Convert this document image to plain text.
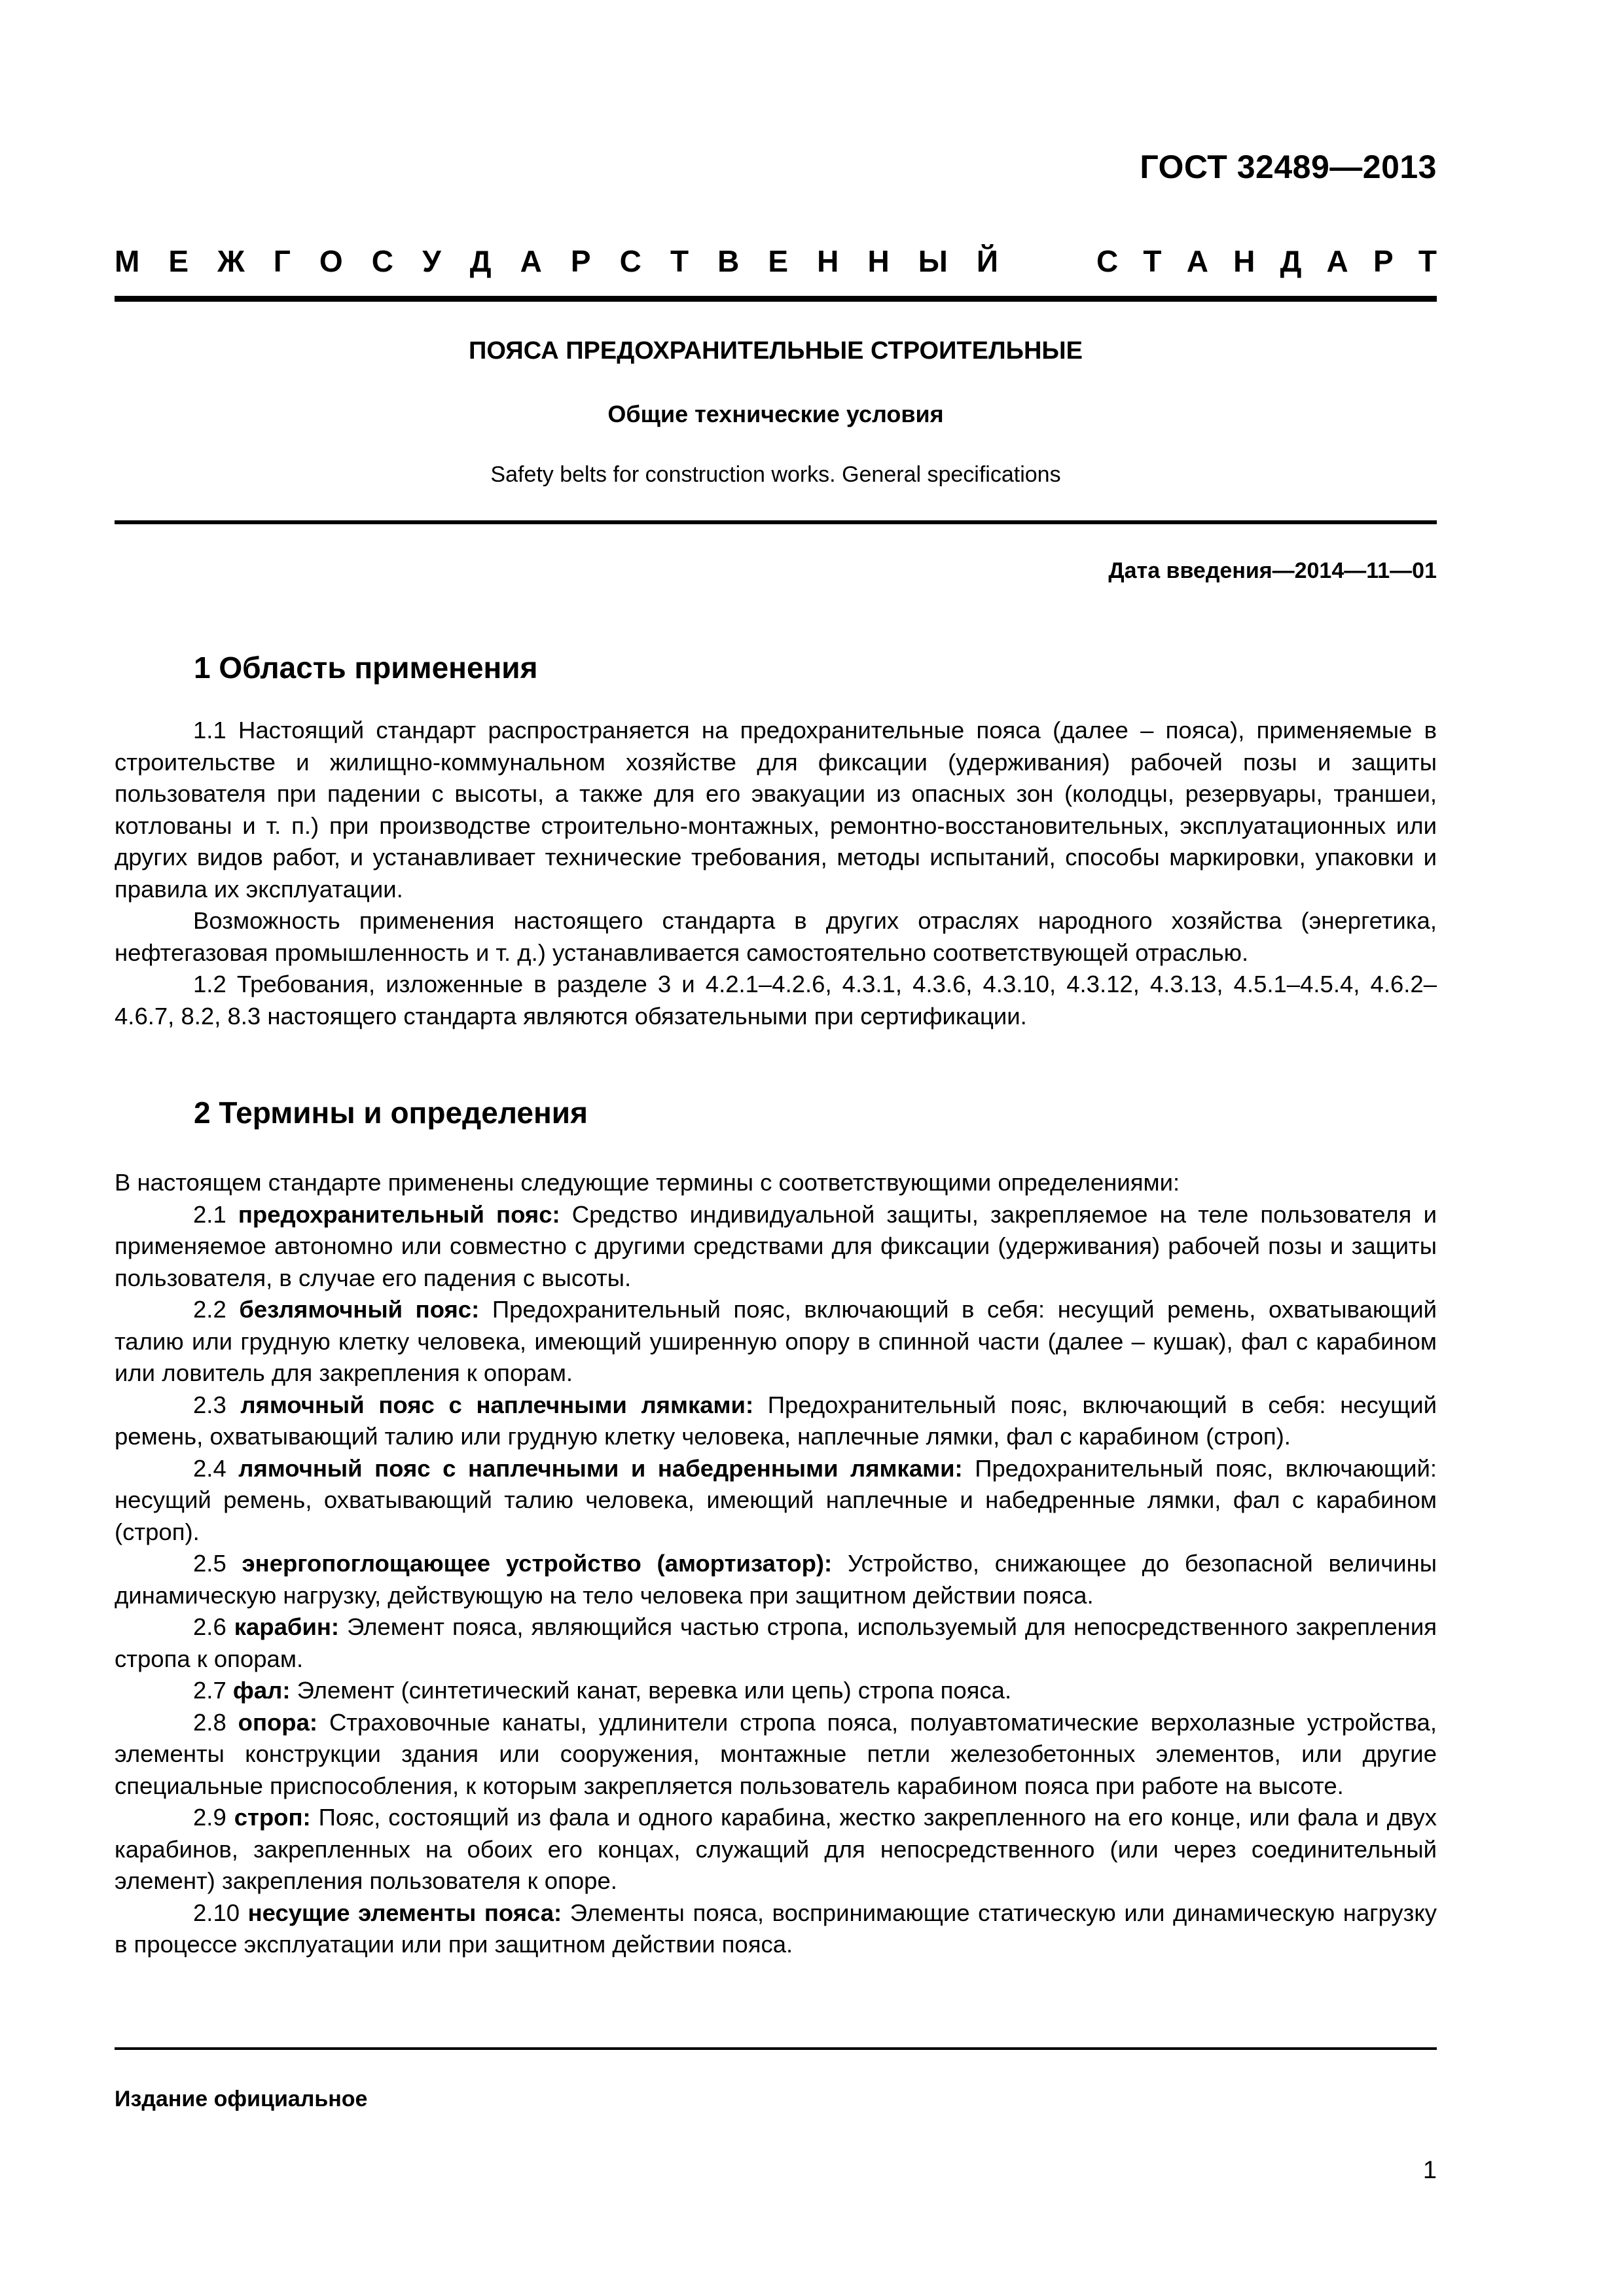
ГОСТ 32489—2013
М Е Ж Г О С У Д А Р С Т В Е Н Н Ы Й	С Т А Н Д А Р Т
ПОЯСА ПРЕДОХРАНИТЕЛЬНЫЕ СТРОИТЕЛЬНЫЕ
Общие технические условия
Safety belts for construction works. General specifications
Дата введения—2014—11—01
1 Область применения

1.1 Настоящий стандарт распространяется на предохранительные пояса (далее – пояса), применяемые в строительстве и жилищно-коммунальном хозяйстве для фиксации (удерживания) рабочей позы и защиты пользователя при падении с высоты, а также для его эвакуации из опасных зон (колодцы, резервуары, траншеи, котлованы и т. п.) при производстве строительно-монтажных, ремонтно-восстановительных, эксплуатационных или других видов работ, и устанавливает технические требования, методы испытаний, способы маркировки, упаковки и правила их эксплуатации.

Возможность применения настоящего стандарта в других отраслях народного хозяйства (энергетика, нефтегазовая промышленность и т. д.) устанавливается самостоятельно соответствующей отраслью.

1.2 Требования, изложенные в разделе 3 и 4.2.1–4.2.6, 4.3.1, 4.3.6, 4.3.10, 4.3.12, 4.3.13, 4.5.1–4.5.4, 4.6.2–4.6.7, 8.2, 8.3 настоящего стандарта являются обязательными при сертификации.

2 Термины и определения

В настоящем стандарте применены следующие термины с соответствующими определениями:

2.1 предохранительный пояс: Средство индивидуальной защиты, закрепляемое на теле пользователя и применяемое автономно или совместно с другими средствами для фиксации (удерживания) рабочей позы и защиты пользователя, в случае его падения с высоты.

2.2 безлямочный пояс: Предохранительный пояс, включающий в себя: несущий ремень, охватывающий талию или грудную клетку человека, имеющий уширенную опору в спинной части (далее – кушак), фал с карабином или ловитель для закрепления к опорам.

2.3 лямочный пояс с наплечными лямками: Предохранительный пояс, включающий в себя: несущий ремень, охватывающий талию или грудную клетку человека, наплечные лямки, фал с карабином (строп).

2.4 лямочный пояс с наплечными и набедренными лямками: Предохранительный пояс, включающий: несущий ремень, охватывающий талию человека, имеющий наплечные и набедренные лямки, фал с карабином (строп).

2.5 энергопоглощающее устройство (амортизатор): Устройство, снижающее до безопасной величины динамическую нагрузку, действующую на тело человека при защитном действии пояса.

2.6 карабин: Элемент пояса, являющийся частью стропа, используемый для непосредственного закрепления стропа к опорам.

2.7 фал: Элемент (синтетический канат, веревка или цепь) стропа пояса.

2.8 опора: Страховочные канаты, удлинители стропа пояса, полуавтоматические верхолазные устройства, элементы конструкции здания или сооружения, монтажные петли железобетонных элементов, или другие специальные приспособления, к которым закрепляется пользователь карабином пояса при работе на высоте.

2.9 строп: Пояс, состоящий из фала и одного карабина, жестко закрепленного на его конце, или фала и двух карабинов, закрепленных на обоих его концах, служащий для непосредственного (или через соединительный элемент) закрепления пользователя к опоре.

2.10 несущие элементы пояса: Элементы пояса, воспринимающие статическую или динамическую нагрузку в процессе эксплуатации или при защитном действии пояса.

Издание официальное
1
